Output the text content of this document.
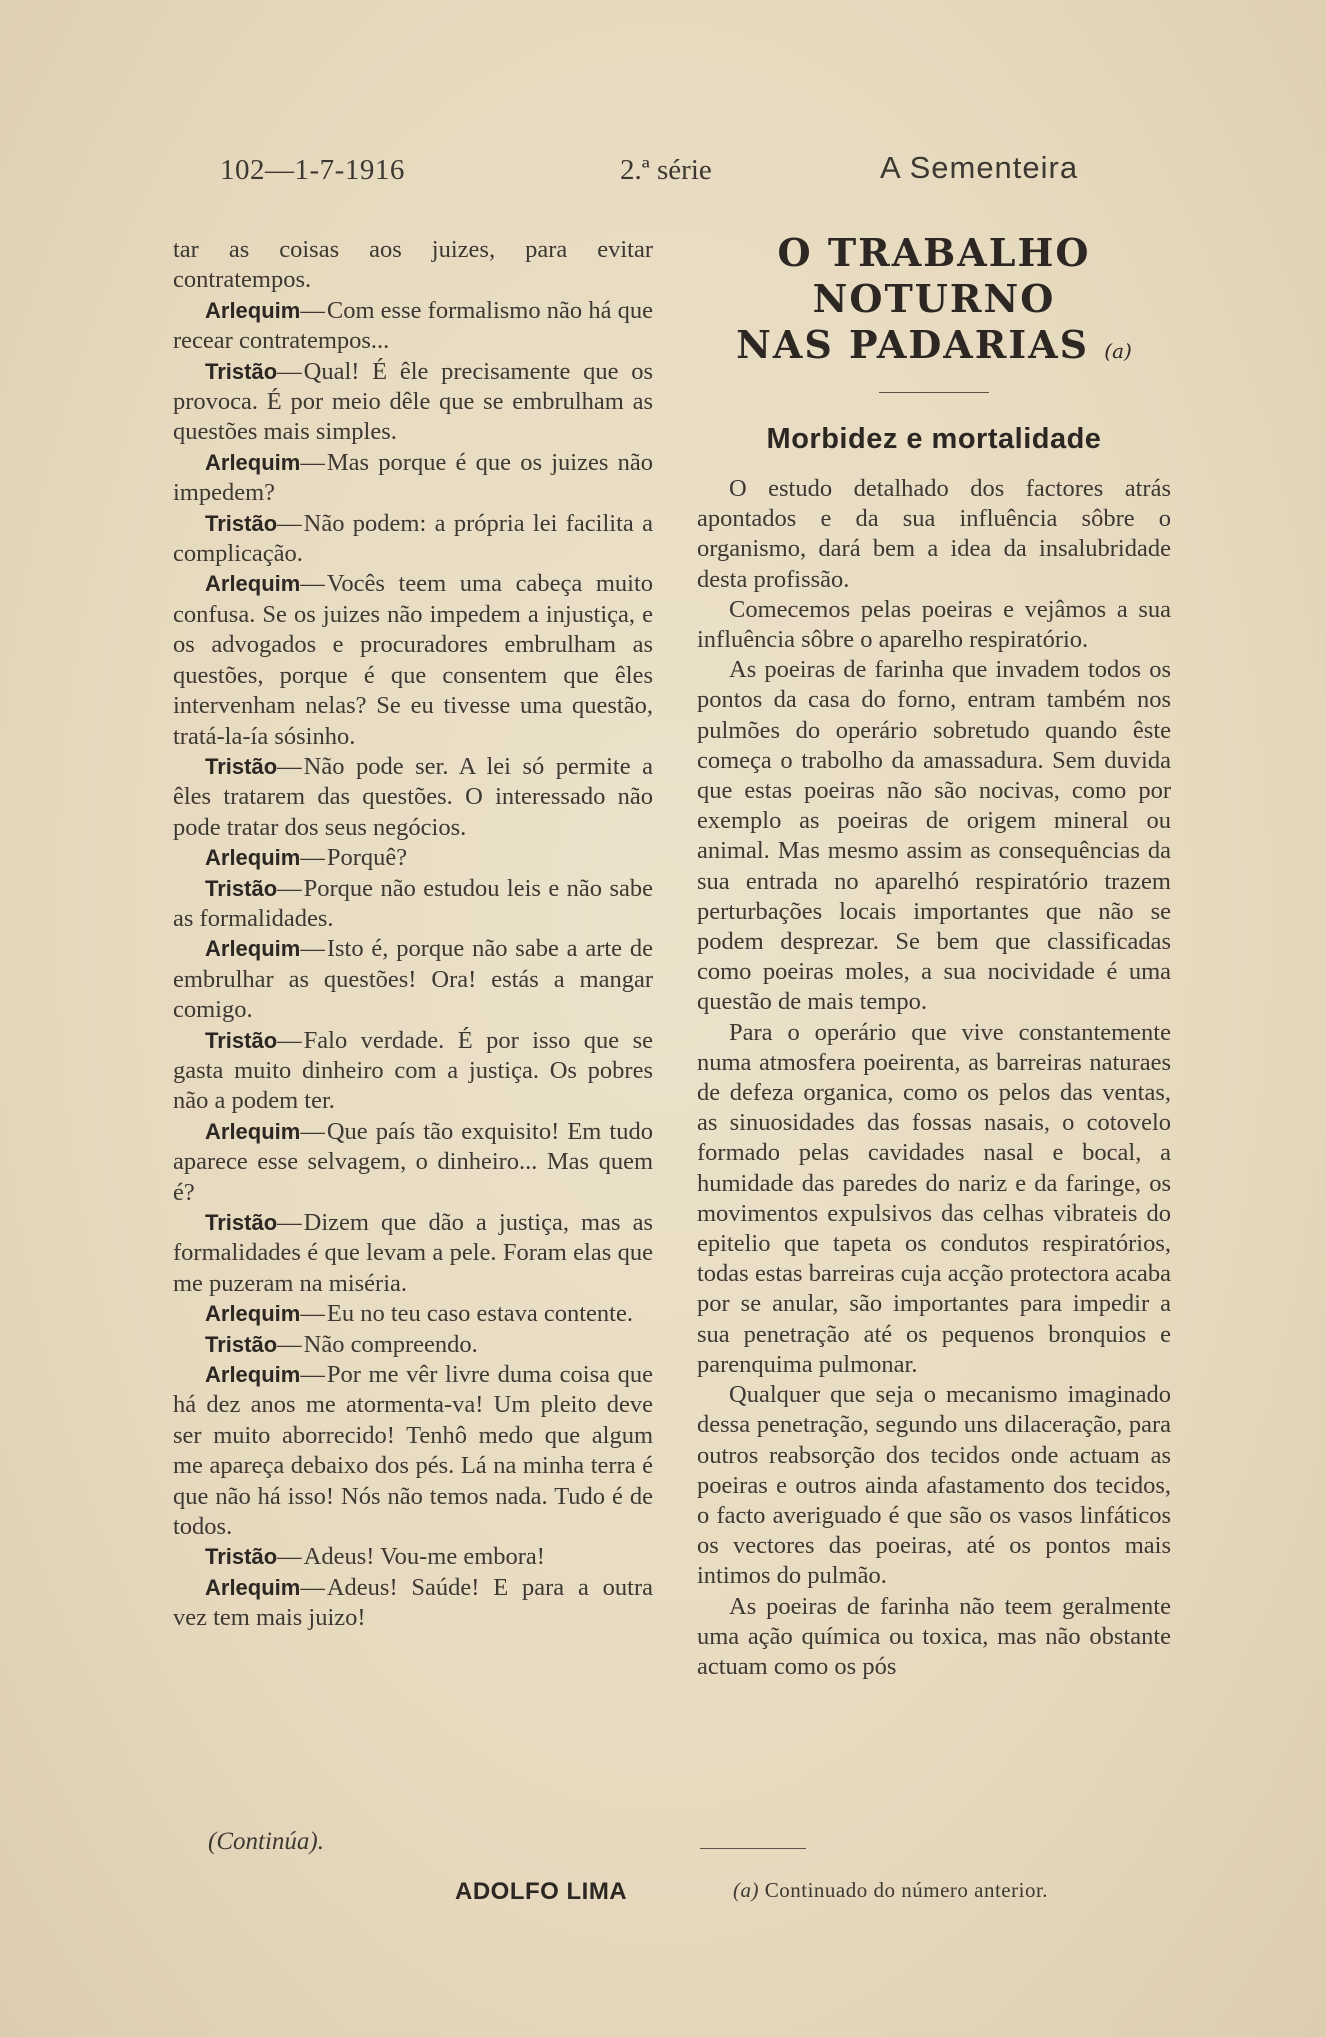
102—1-7-1916	2.ª série	A Sementeira

tar as coisas aos juizes, para evitar contratempos.

Arlequim—Com esse formalismo não há que recear contratempos...

Tristão—Qual! É êle precisamente que os provoca. É por meio dêle que se embrulham as questões mais simples.

Arlequim—Mas porque é que os juizes não impedem?

Tristão—Não podem: a própria lei facilita a complicação.

Arlequim—Vocês teem uma cabeça muito confusa. Se os juizes não impedem a injustiça, e os advogados e procuradores embrulham as questões, porque é que consentem que êles intervenham nelas? Se eu tivesse uma questão, tratá-la-ía sósinho.

Tristão—Não pode ser. A lei só permite a êles tratarem das questões. O interessado não pode tratar dos seus negócios.

Arlequim—Porquê?

Tristão—Porque não estudou leis e não sabe as formalidades.

Arlequim—Isto é, porque não sabe a arte de embrulhar as questões! Ora! estás a mangar comigo.

Tristão—Falo verdade. É por isso que se gasta muito dinheiro com a justiça. Os pobres não a podem ter.

Arlequim—Que país tão exquisito! Em tudo aparece esse selvagem, o dinheiro... Mas quem é?

Tristão—Dizem que dão a justiça, mas as formalidades é que levam a pele. Foram elas que me puzeram na miséria.

Arlequim—Eu no teu caso estava contente.

Tristão—Não compreendo.

Arlequim—Por me vêr livre duma coisa que há dez anos me atormenta-va! Um pleito deve ser muito aborrecido! Tenhô medo que algum me apareça debaixo dos pés. Lá na minha terra é que não há isso! Nós não temos nada. Tudo é de todos.

Tristão—Adeus! Vou-me embora!

Arlequim—Adeus! Saúde! E para a outra vez tem mais juizo!

(Continúa).
ADOLFO LIMA
O TRABALHO NOTURNO
NAS PADARIAS (a)
Morbidez e mortalidade

O estudo detalhado dos factores atrás apontados e da sua influência sôbre o organismo, dará bem a idea da insalubridade desta profissão.

Comecemos pelas poeiras e vejâmos a sua influência sôbre o aparelho respiratório.

As poeiras de farinha que invadem todos os pontos da casa do forno, entram também nos pulmões do operário sobretudo quando êste começa o trabolho da amassadura. Sem duvida que estas poeiras não são nocivas, como por exemplo as poeiras de origem mineral ou animal. Mas mesmo assim as consequências da sua entrada no aparelhó respiratório trazem perturbações locais importantes que não se podem desprezar. Se bem que classificadas como poeiras moles, a sua nocividade é uma questão de mais tempo.

Para o operário que vive constantemente numa atmosfera poeirenta, as barreiras naturaes de defeza organica, como os pelos das ventas, as sinuosidades das fossas nasais, o cotovelo formado pelas cavidades nasal e bocal, a humidade das paredes do nariz e da faringe, os movimentos expulsivos das celhas vibrateis do epitelio que tapeta os condutos respiratórios, todas estas barreiras cuja acção protectora acaba por se anular, são importantes para impedir a sua penetração até os pequenos bronquios e parenquima pulmonar.

Qualquer que seja o mecanismo imaginado dessa penetração, segundo uns dilaceração, para outros reabsorção dos tecidos onde actuam as poeiras e outros ainda afastamento dos tecidos, o facto averiguado é que são os vasos linfáticos os vectores das poeiras, até os pontos mais intimos do pulmão.

As poeiras de farinha não teem geralmente uma ação química ou toxica, mas não obstante actuam como os pós

(a) Continuado do número anterior.
